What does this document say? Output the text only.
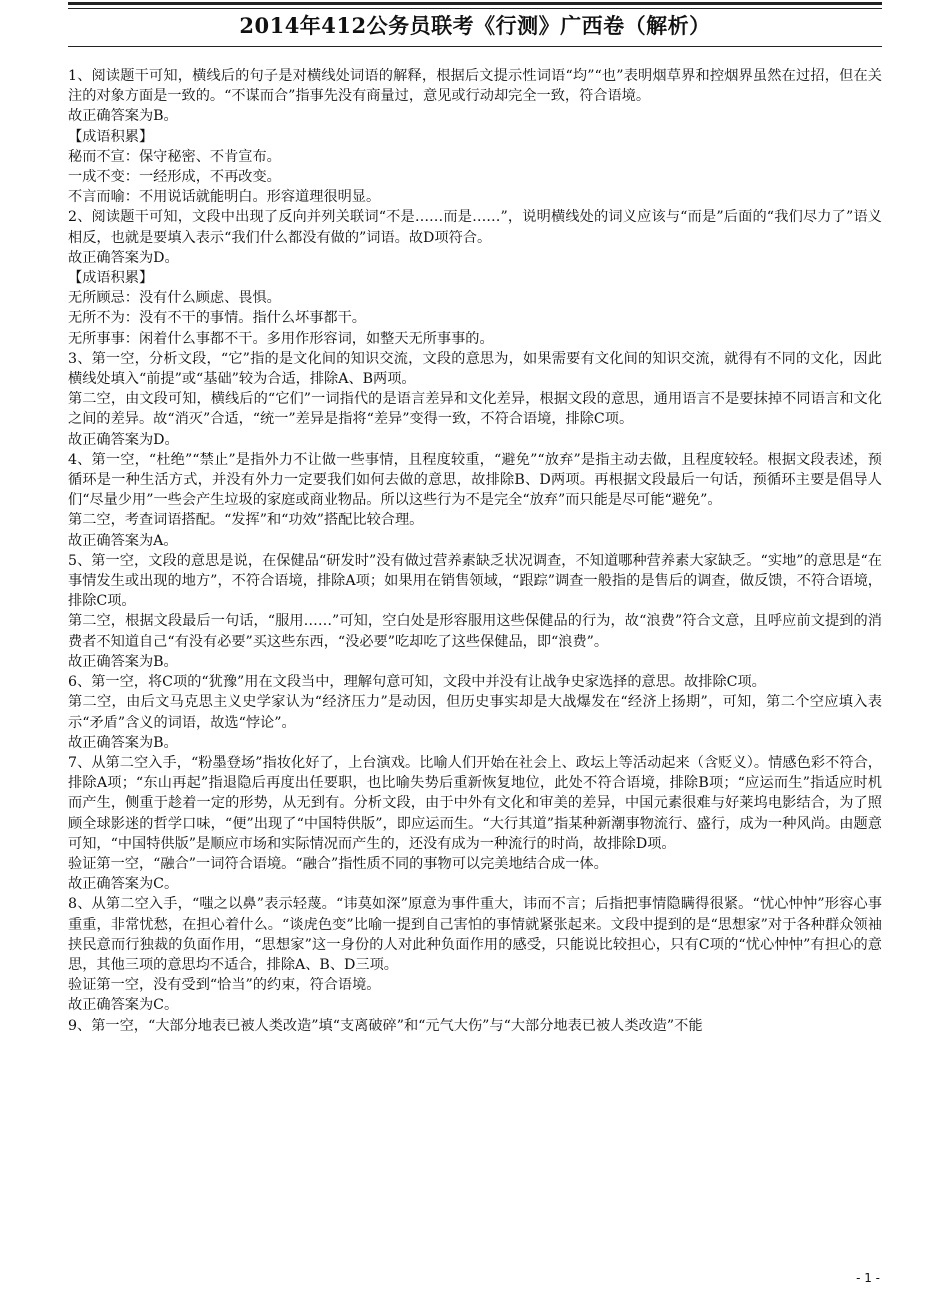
2014年412公务员联考《行测》广西卷（解析）

1、阅读题干可知，横线后的句子是对横线处词语的解释，根据后文提示性词语“均”“也”表明烟草界和控烟界虽然在过招，但在关注的对象方面是一致的。“不谋而合”指事先没有商量过，意见或行动却完全一致，符合语境。

故正确答案为B。

【成语积累】

秘而不宣：保守秘密、不肯宣布。

一成不变：一经形成，不再改变。

不言而喻：不用说话就能明白。形容道理很明显。

2、阅读题干可知，文段中出现了反向并列关联词“不是……而是……”，说明横线处的词义应该与“而是”后面的“我们尽力了”语义相反，也就是要填入表示“我们什么都没有做的”词语。故D项符合。

故正确答案为D。

【成语积累】

无所顾忌：没有什么顾虑、畏惧。

无所不为：没有不干的事情。指什么坏事都干。

无所事事：闲着什么事都不干。多用作形容词，如整天无所事事的。

3、第一空，分析文段，“它”指的是文化间的知识交流，文段的意思为，如果需要有文化间的知识交流，就得有不同的文化，因此横线处填入“前提”或“基础”较为合适，排除A、B两项。

第二空，由文段可知，横线后的“它们”一词指代的是语言差异和文化差异，根据文段的意思，通用语言不是要抹掉不同语言和文化之间的差异。故“消灭”合适，“统一”差异是指将“差异”变得一致，不符合语境，排除C项。

故正确答案为D。

4、第一空，“杜绝”“禁止”是指外力不让做一些事情，且程度较重，“避免”“放弃”是指主动去做，且程度较轻。根据文段表述，预循环是一种生活方式，并没有外力一定要我们如何去做的意思，故排除B、D两项。再根据文段最后一句话，预循环主要是倡导人们“尽量少用”一些会产生垃圾的家庭或商业物品。所以这些行为不是完全“放弃”而只能是尽可能“避免”。

第二空，考查词语搭配。“发挥”和“功效”搭配比较合理。

故正确答案为A。

5、第一空，文段的意思是说，在保健品“研发时”没有做过营养素缺乏状况调查，不知道哪种营养素大家缺乏。“实地”的意思是“在事情发生或出现的地方”，不符合语境，排除A项；如果用在销售领域，“跟踪”调查一般指的是售后的调查，做反馈，不符合语境，排除C项。

第二空，根据文段最后一句话，“服用……”可知，空白处是形容服用这些保健品的行为，故“浪费”符合文意，且呼应前文提到的消费者不知道自己“有没有必要”买这些东西，“没必要”吃却吃了这些保健品，即“浪费”。

故正确答案为B。

6、第一空，将C项的“犹豫”用在文段当中，理解句意可知，文段中并没有让战争史家选择的意思。故排除C项。

第二空，由后文马克思主义史学家认为“经济压力”是动因，但历史事实却是大战爆发在“经济上扬期”，可知，第二个空应填入表示“矛盾”含义的词语，故选“悖论”。

故正确答案为B。

7、从第二空入手，“粉墨登场”指妆化好了，上台演戏。比喻人们开始在社会上、政坛上等活动起来（含贬义）。情感色彩不符合，排除A项；“东山再起”指退隐后再度出任要职，也比喻失势后重新恢复地位，此处不符合语境，排除B项；“应运而生”指适应时机而产生，侧重于趁着一定的形势，从无到有。分析文段，由于中外有文化和审美的差异，中国元素很难与好莱坞电影结合，为了照顾全球影迷的哲学口味，“便”出现了“中国特供版”，即应运而生。“大行其道”指某种新潮事物流行、盛行，成为一种风尚。由题意可知，“中国特供版”是顺应市场和实际情况而产生的，还没有成为一种流行的时尚，故排除D项。

验证第一空，“融合”一词符合语境。“融合”指性质不同的事物可以完美地结合成一体。

故正确答案为C。

8、从第二空入手，“嗤之以鼻”表示轻蔑。“讳莫如深”原意为事件重大，讳而不言；后指把事情隐瞒得很紧。“忧心忡忡”形容心事重重，非常忧愁，在担心着什么。“谈虎色变”比喻一提到自己害怕的事情就紧张起来。文段中提到的是“思想家”对于各种群众领袖挟民意而行独裁的负面作用，“思想家”这一身份的人对此种负面作用的感受，只能说比较担心，只有C项的“忧心忡忡”有担心的意思，其他三项的意思均不适合，排除A、B、D三项。

验证第一空，没有受到“恰当”的约束，符合语境。

故正确答案为C。

9、第一空，“大部分地表已被人类改造”填“支离破碎”和“元气大伤”与“大部分地表已被人类改造”不能

- 1 -
